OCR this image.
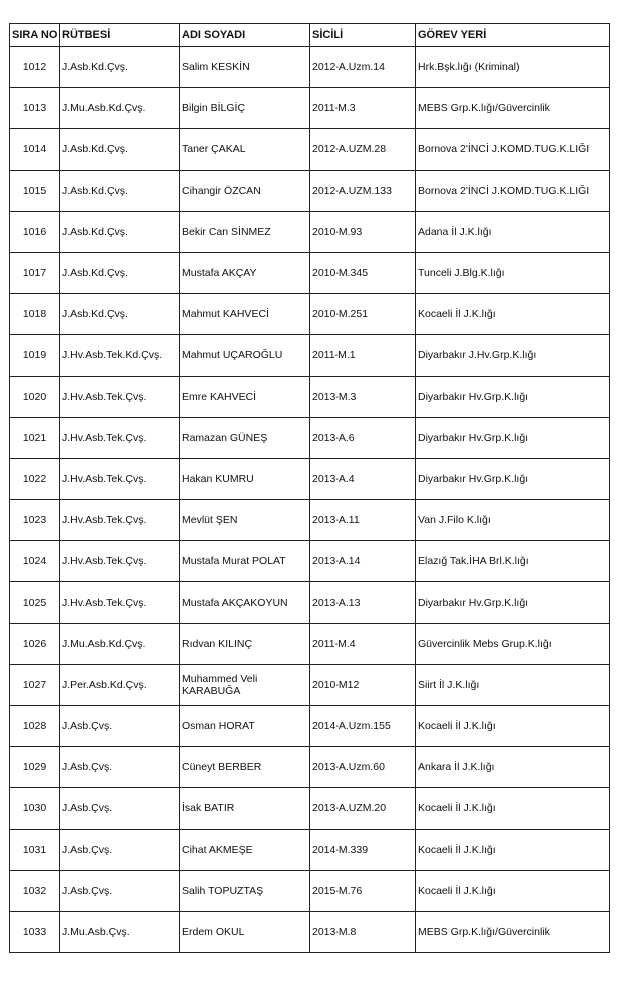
SIRA NO	RÜTBESİ	ADI SOYADI	SİCİLİ	GÖREV YERİ
1012	J.Asb.Kd.Çvş.	Salim KESKİN	2012-A.Uzm.14	Hrk.Bşk.lığı (Kriminal)
1013	J.Mu.Asb.Kd.Çvş.	Bilgin BİLGİÇ	2011-M.3	MEBS Grp.K.lığı/Güvercinlik
1014	J.Asb.Kd.Çvş.	Taner ÇAKAL	2012-A.UZM.28	Bornova 2'İNCİ J.KOMD.TUG.K.LIĞI
1015	J.Asb.Kd.Çvş.	Cihangir ÖZCAN	2012-A.UZM.133	Bornova 2'İNCİ J.KOMD.TUG.K.LIĞI
1016	J.Asb.Kd.Çvş.	Bekir Can SİNMEZ	2010-M.93	Adana İl J.K.lığı
1017	J.Asb.Kd.Çvş.	Mustafa AKÇAY	2010-M.345	Tunceli J.Blg.K.lığı
1018	J.Asb.Kd.Çvş.	Mahmut KAHVECİ	2010-M.251	Kocaeli İl J.K.lığı
1019	J.Hv.Asb.Tek.Kd.Çvş.	Mahmut UÇAROĞLU	2011-M.1	Diyarbakır J.Hv.Grp.K.lığı
1020	J.Hv.Asb.Tek.Çvş.	Emre KAHVECİ	2013-M.3	Diyarbakır Hv.Grp.K.lığı
1021	J.Hv.Asb.Tek.Çvş.	Ramazan GÜNEŞ	2013-A.6	Diyarbakır Hv.Grp.K.lığı
1022	J.Hv.Asb.Tek.Çvş.	Hakan KUMRU	2013-A.4	Diyarbakır Hv.Grp.K.lığı
1023	J.Hv.Asb.Tek.Çvş.	Mevlüt ŞEN	2013-A.11	Van J.Filo K.lığı
1024	J.Hv.Asb.Tek.Çvş.	Mustafa Murat POLAT	2013-A.14	Elazığ Tak.İHA Brl.K.lığı
1025	J.Hv.Asb.Tek.Çvş.	Mustafa AKÇAKOYUN	2013-A.13	Diyarbakır Hv.Grp.K.lığı
1026	J.Mu.Asb.Kd.Çvş.	Rıdvan KILINÇ	2011-M.4	Güvercinlik Mebs Grup.K.lığı
1027	J.Per.Asb.Kd.Çvş.	Muhammed Veli KARABUĞA	2010-M12	Siirt İl J.K.lığı
1028	J.Asb.Çvş.	Osman HORAT	2014-A.Uzm.155	Kocaeli İl J.K.lığı
1029	J.Asb.Çvş.	Cüneyt BERBER	2013-A.Uzm.60	Ankara İl J.K.lığı
1030	J.Asb.Çvş.	İsak BATIR	2013-A.UZM.20	Kocaeli İl J.K.lığı
1031	J.Asb.Çvş.	Cihat AKMEŞE	2014-M.339	Kocaeli İl J.K.lığı
1032	J.Asb.Çvş.	Salih TOPUZTAŞ	2015-M.76	Kocaeli İl J.K.lığı
1033	J.Mu.Asb.Çvş.	Erdem OKUL	2013-M.8	MEBS Grp.K.lığı/Güvercinlik
